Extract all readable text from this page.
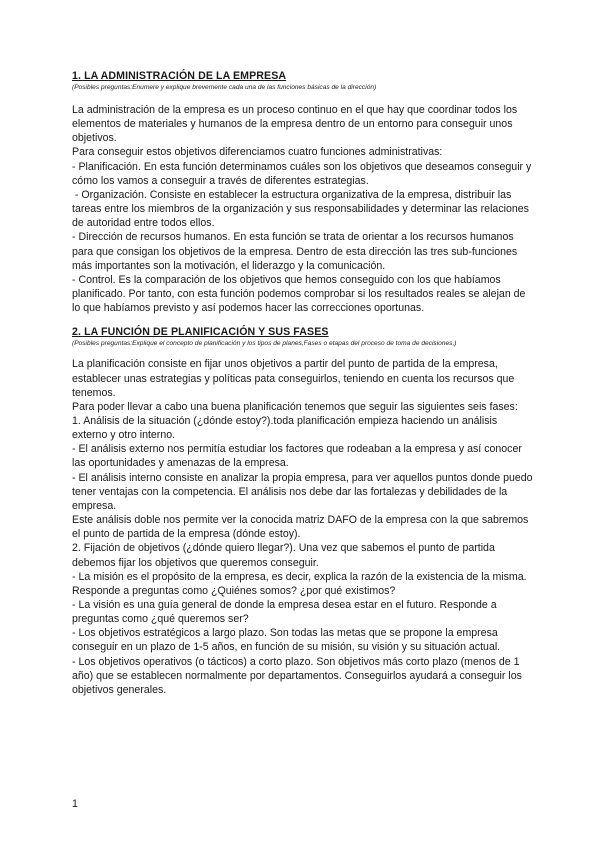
1. LA ADMINISTRACIÓN DE LA EMPRESA

(Posibles preguntas:Enumere y explique brevemente cada una de las funciones básicas de la dirección)

La administración de la empresa es un proceso continuo en el que hay que coordinar todos los elementos de materiales y humanos de la empresa dentro de un entorno para conseguir unos objetivos.
Para conseguir estos objetivos diferenciamos cuatro funciones administrativas:
- Planificación. En esta función determinamos cuáles son los objetivos que deseamos conseguir y cómo los vamos a conseguir a través de diferentes estrategias.
- Organización. Consiste en establecer la estructura organizativa de la empresa, distribuir las tareas entre los miembros de la organización y sus responsabilidades y determinar las relaciones de autoridad entre todos ellos.
- Dirección de recursos humanos. En esta función se trata de orientar a los recursos humanos para que consigan los objetivos de la empresa. Dentro de esta dirección las tres sub-funciones más importantes son la motivación, el liderazgo y la comunicación.
- Control. Es la comparación de los objetivos que hemos conseguido con los que habíamos planificado. Por tanto, con esta función podemos comprobar si los resultados reales se alejan de lo que habíamos previsto y así podemos hacer las correcciones oportunas.
2. LA FUNCIÓN DE PLANIFICACIÓN Y SUS FASES

(Posibles preguntas:Explique el concepto de planificación y los tipos de planes,Fases o etapas del proceso de toma de decisiones,)

La planificación consiste en fijar unos objetivos a partir del punto de partida de la empresa, establecer unas estrategias y políticas pata conseguirlos, teniendo en cuenta los recursos que tenemos.
Para poder llevar a cabo una buena planificación tenemos que seguir las siguientes seis fases:
1. Análisis de la situación (¿dónde estoy?).toda planificación empieza haciendo un análisis externo y otro interno.
- El análisis externo nos permitía estudiar los factores que rodeaban a la empresa y así conocer  las oportunidades y amenazas de la empresa.
- El análisis interno consiste en analizar la propia empresa, para ver aquellos puntos donde puedo tener ventajas con la competencia. El análisis nos debe dar las fortalezas y debilidades de la empresa.
Este análisis doble nos permite ver la conocida matriz DAFO de la empresa con la que sabremos el punto de partida de la empresa (dónde estoy).
2. Fijación de objetivos (¿dónde quiero llegar?). Una vez que sabemos el punto de partida debemos fijar los objetivos que queremos conseguir.
- La misión es el propósito de la empresa, es decir, explica la razón de la existencia de la misma. Responde a preguntas como ¿Quiénes somos? ¿por qué existimos?
- La visión es una guía general de donde la empresa desea estar en el futuro. Responde a preguntas como ¿qué queremos ser?
- Los objetivos estratégicos a largo plazo. Son todas las metas que se propone la empresa conseguir en un plazo de 1-5 años, en función de su misión, su visión y su situación actual.
- Los objetivos operativos (o tácticos) a corto plazo. Son objetivos más corto plazo (menos de 1 año) que se establecen normalmente por departamentos. Conseguirlos ayudará a conseguir los objetivos generales.
1
